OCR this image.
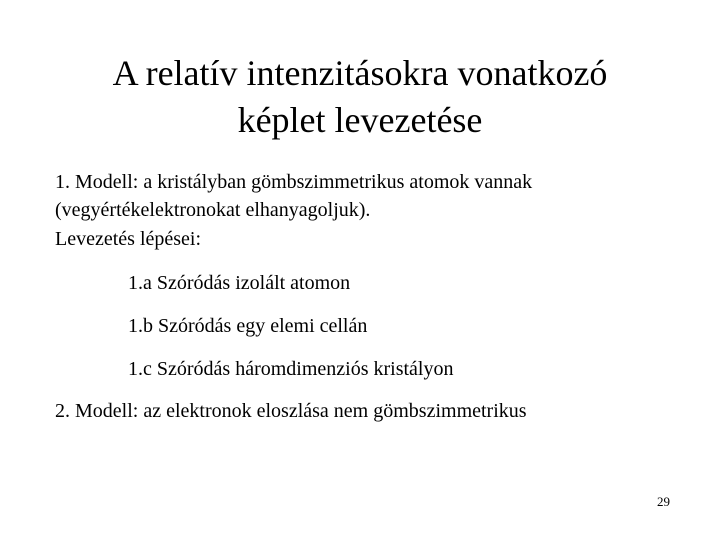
A relatív intenzitásokra vonatkozó
képlet levezetése
1. Modell: a kristályban gömbszimmetrikus atomok vannak
(vegyértékelektronokat elhanyagoljuk).
Levezetés lépései:
1.a Szóródás izolált atomon
1.b Szóródás egy elemi cellán
1.c Szóródás háromdimenziós kristályon
2. Modell: az elektronok eloszlása nem gömbszimmetrikus
29
